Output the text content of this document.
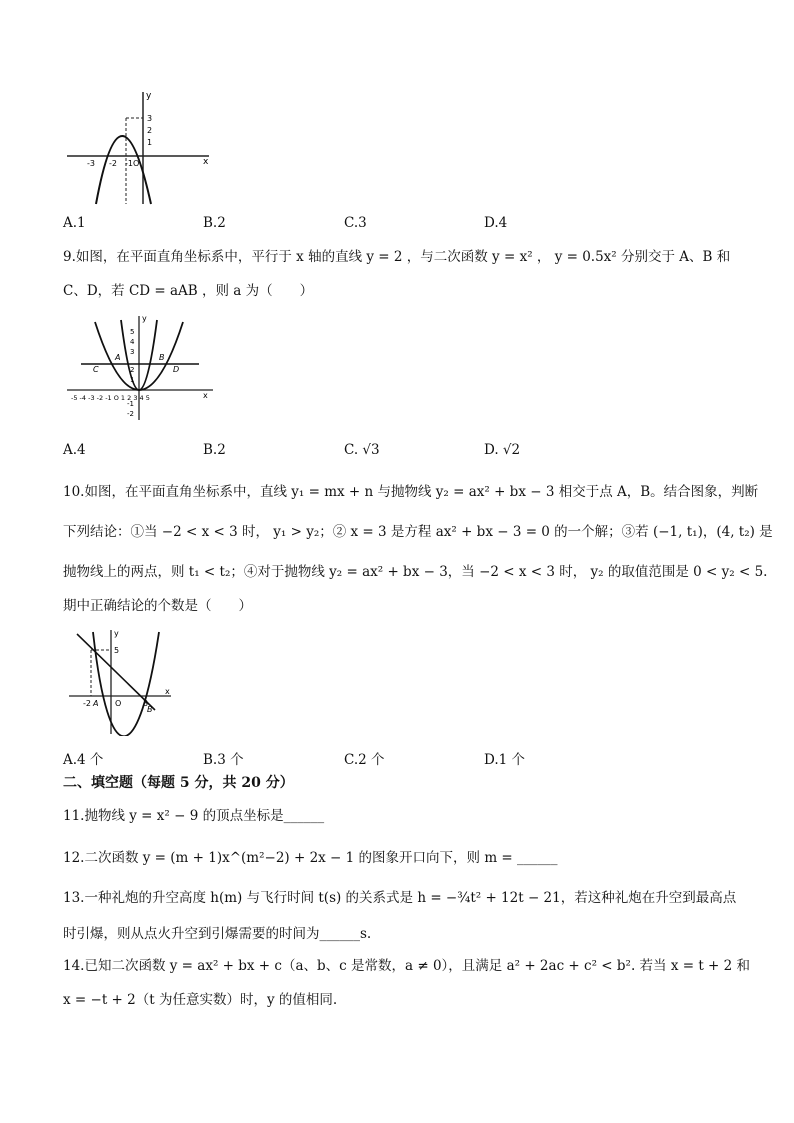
y
x
3
2
1
-3 -2 -1 O
A.1	B.2	C.3	D.4
9.如图，在平面直角坐标系中，平行于 x 轴的直线 y = 2 ，与二次函数 y = x² ， y = 0.5x² 分别交于 A、B 和
C、D，若 CD = aAB ，则 a 为（　　）
y
x
A	B
C	D
5
4
3
2
1
-1
-2
-5 -4 -3 -2 -1 O 1 2 3 4 5
A.4	B.2	C. √3	D. √2
10.如图，在平面直角坐标系中，直线 y₁ = mx + n 与抛物线 y₂ = ax² + bx − 3 相交于点 A，B。结合图象，判断
下列结论：①当 −2 < x < 3 时， y₁ > y₂；② x = 3 是方程 ax² + bx − 3 = 0 的一个解；③若 (−1, t₁)，(4, t₂) 是
抛物线上的两点，则 t₁ < t₂；④对于抛物线 y₂ = ax² + bx − 3，当 −2 < x < 3 时， y₂ 的取值范围是 0 < y₂ < 5.
期中正确结论的个数是（　　）
y
x
5
-2 A O	3
B
A.4 个	B.3 个	C.2 个	D.1 个
二、填空题（每题 5 分，共 20 分）
11.抛物线 y = x² − 9 的顶点坐标是______
12.二次函数 y = (m + 1)x^(m²−2) + 2x − 1 的图象开口向下，则 m = ______
13.一种礼炮的升空高度 h(m) 与飞行时间 t(s) 的关系式是 h = −¾t² + 12t − 21，若这种礼炮在升空到最高点
时引爆，则从点火升空到引爆需要的时间为______s.
14.已知二次函数 y = ax² + bx + c（a、b、c 是常数，a ≠ 0），且满足 a² + 2ac + c² < b². 若当 x = t + 2 和
x = −t + 2（t 为任意实数）时，y 的值相同.
